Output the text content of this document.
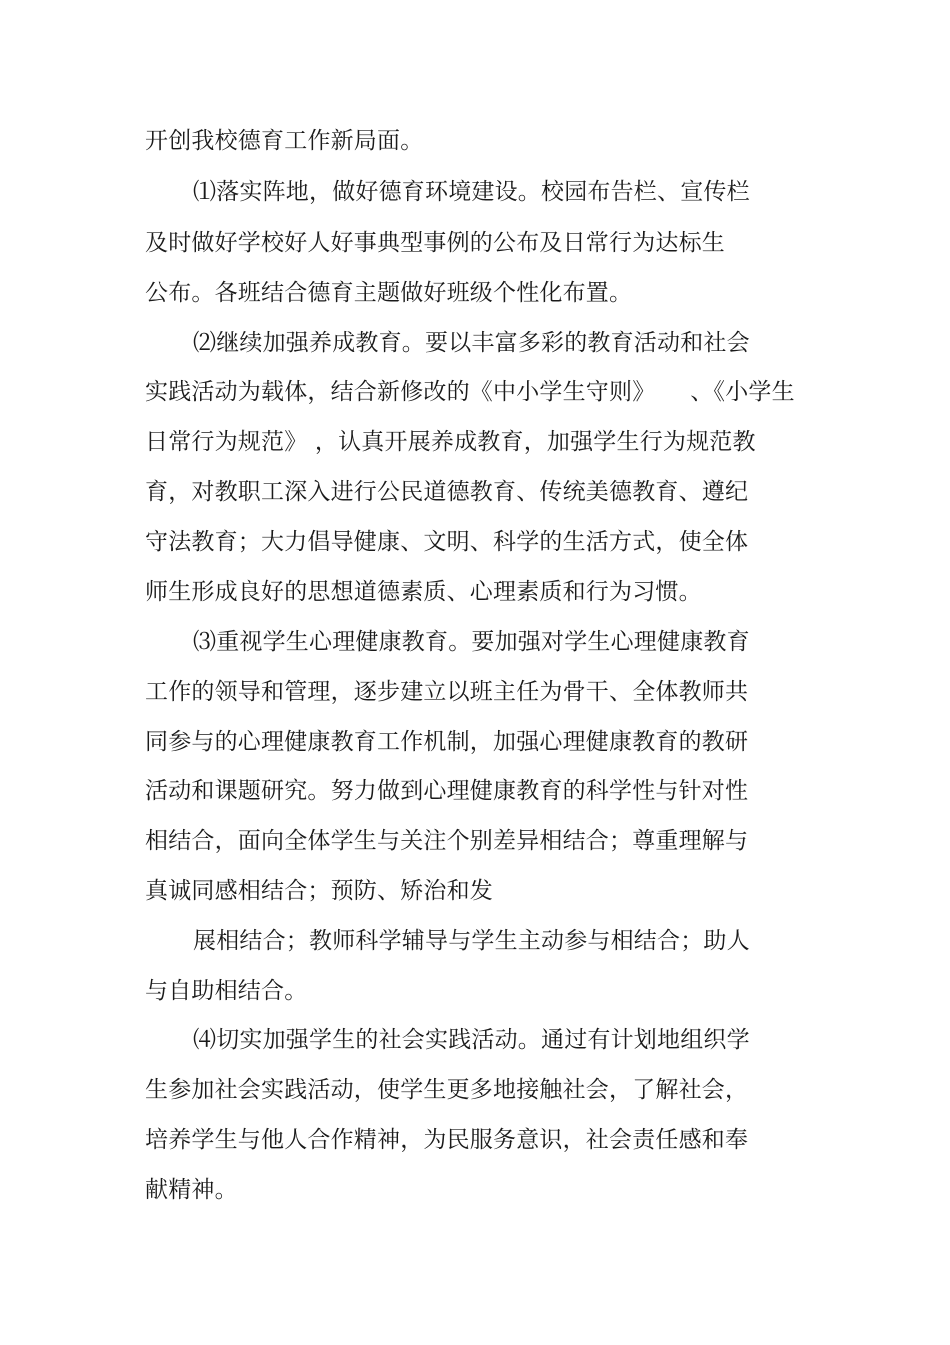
开创我校德育工作新局面。
⑴落实阵地，做好德育环境建设。校园布告栏、宣传栏
及时做好学校好人好事典型事例的公布及日常行为达标生
公布。各班结合德育主题做好班级个性化布置。
⑵继续加强养成教育。要以丰富多彩的教育活动和社会
实践活动为载体，结合新修改的《中小学生守则》　　、《小学生
日常行为规范》 ，认真开展养成教育，加强学生行为规范教
育，对教职工深入进行公民道德教育、传统美德教育、遵纪
守法教育；大力倡导健康、文明、科学的生活方式，使全体
师生形成良好的思想道德素质、心理素质和行为习惯。
⑶重视学生心理健康教育。要加强对学生心理健康教育
工作的领导和管理，逐步建立以班主任为骨干、全体教师共
同参与的心理健康教育工作机制，加强心理健康教育的教研
活动和课题研究。努力做到心理健康教育的科学性与针对性
相结合，面向全体学生与关注个别差异相结合；尊重理解与
真诚同感相结合；预防、矫治和发
展相结合；教师科学辅导与学生主动参与相结合；助人
与自助相结合。
⑷切实加强学生的社会实践活动。通过有计划地组织学
生参加社会实践活动，使学生更多地接触社会，了解社会，
培养学生与他人合作精神，为民服务意识，社会责任感和奉
献精神。
